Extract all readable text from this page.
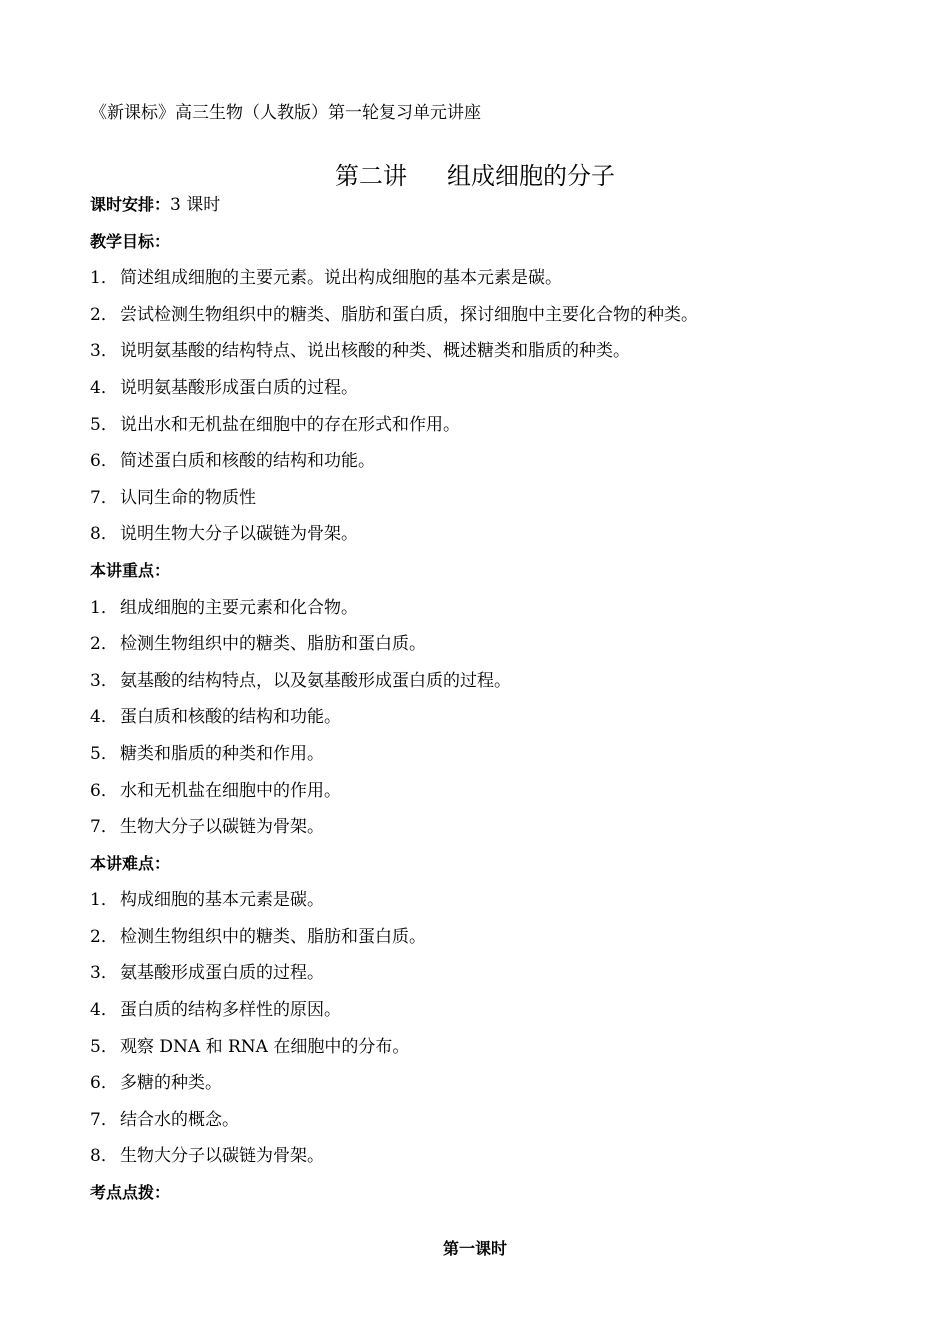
《新课标》高三生物（人教版）第一轮复习单元讲座
第二讲 组成细胞的分子
课时安排：3 课时
教学目标：
1． 简述组成细胞的主要元素。说出构成细胞的基本元素是碳。
2． 尝试检测生物组织中的糖类、脂肪和蛋白质，探讨细胞中主要化合物的种类。
3． 说明氨基酸的结构特点、说出核酸的种类、概述糖类和脂质的种类。
4． 说明氨基酸形成蛋白质的过程。
5． 说出水和无机盐在细胞中的存在形式和作用。
6． 简述蛋白质和核酸的结构和功能。
7． 认同生命的物质性
8． 说明生物大分子以碳链为骨架。
本讲重点：
1． 组成细胞的主要元素和化合物。
2． 检测生物组织中的糖类、脂肪和蛋白质。
3． 氨基酸的结构特点，以及氨基酸形成蛋白质的过程。
4． 蛋白质和核酸的结构和功能。
5． 糖类和脂质的种类和作用。
6． 水和无机盐在细胞中的作用。
7． 生物大分子以碳链为骨架。
本讲难点：
1． 构成细胞的基本元素是碳。
2． 检测生物组织中的糖类、脂肪和蛋白质。
3． 氨基酸形成蛋白质的过程。
4． 蛋白质的结构多样性的原因。
5． 观察 DNA 和 RNA 在细胞中的分布。
6． 多糖的种类。
7． 结合水的概念。
8． 生物大分子以碳链为骨架。
考点点拨：
第一课时
